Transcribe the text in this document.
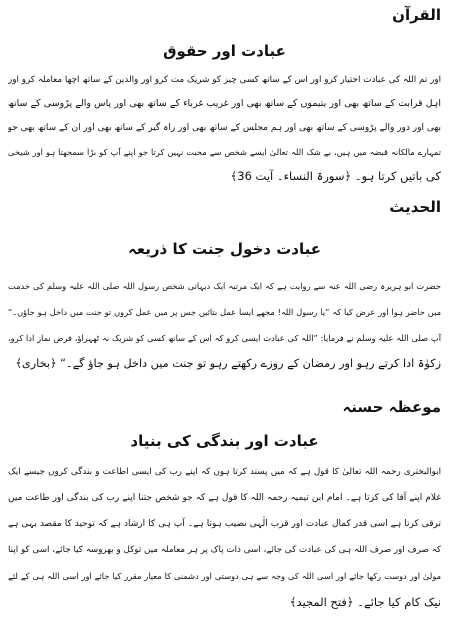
القرآن
عبادت اور حقوق
اور تم اللہ کی عبادت اختیار کرو اور اس کے ساتھ کسی چیز کو شریک مت کرو اور والدین کے ساتھ اچھا معاملہ کرو اور
اہل قرابت کے ساتھ بھی اور یتیموں کے ساتھ بھی اور غریب غرباء کے ساتھ بھی اور پاس والے پڑوسی کے ساتھ
بھی اور دور والے پڑوسی کے ساتھ بھی اور ہم مجلس کے ساتھ بھی اور راہ گیر کے ساتھ بھی اور ان کے ساتھ بھی جو
تمہارے مالکانہ قبضہ میں ہیں، بے شک اللہ تعالیٰ ایسے شخص سے محبت نہیں کرتا جو اپنے آپ کو بڑا سمجھتا ہو اور شیخی
کی باتیں کرتا ہو۔ ﴿سورۃ النساء۔ آیت 36﴾
الحدیث
عبادت دخول جنت کا ذریعہ
حضرت ابو ہریرہ رضی اللہ عنہ سے روایت ہے کہ ایک مرتبہ ایک دیہاتی شخص رسول اللہ صلی اللہ علیہ وسلم کی خدمت
میں حاضر ہوا اور عرض کیا کہ ”یا رسول اللہ! مجھے ایسا عمل بتائیں جس پر میں عمل کروں تو جنت میں داخل ہو جاؤں۔“
آپ صلی اللہ علیہ وسلم نے فرمایا: ”اللہ کی عبادت ایسی کرو کہ اس کے ساتھ کسی کو شریک نہ ٹھہراؤ، فرض نماز ادا کرو،
زکوٰۃ ادا کرتے رہو اور رمضان کے روزے رکھتے رہو تو جنت میں داخل ہو جاؤ گے۔“ ﴿بخاری﴾
موعظہ حسنہ
عبادت اور بندگی کی بنیاد
ابوالبختری رحمہ اللہ تعالیٰ کا قول ہے کہ میں پسند کرتا ہوں کہ اپنے رب کی ایسی اطاعت و بندگی کروں جیسے ایک
غلام اپنے آقا کی کرتا ہے۔ امام ابن تیمیہ رحمہ اللہ کا قول ہے کہ جو شخص جتنا اپنے رب کی بندگی اور طاعت میں
ترقی کرتا ہے اسی قدر کمال عبادت اور قرب الٰہی نصیب ہوتا ہے۔ آپ ہی کا ارشاد ہے کہ توحید کا مقصد یہی ہے
کہ صرف اور صرف اللہ ہی کی عبادت کی جائے، اسی ذات پاک پر ہر معاملہ میں توکل و بھروسہ کیا جائے، اسی کو اپنا
مولیٰ اور دوست رکھا جائے اور اسی اللہ کی وجہ سے ہی دوستی اور دشمنی کا معیار مقرر کیا جائے اور اسی اللہ ہی کے لئے
نیک کام کیا جائے۔ ﴿فتح المجید﴾
